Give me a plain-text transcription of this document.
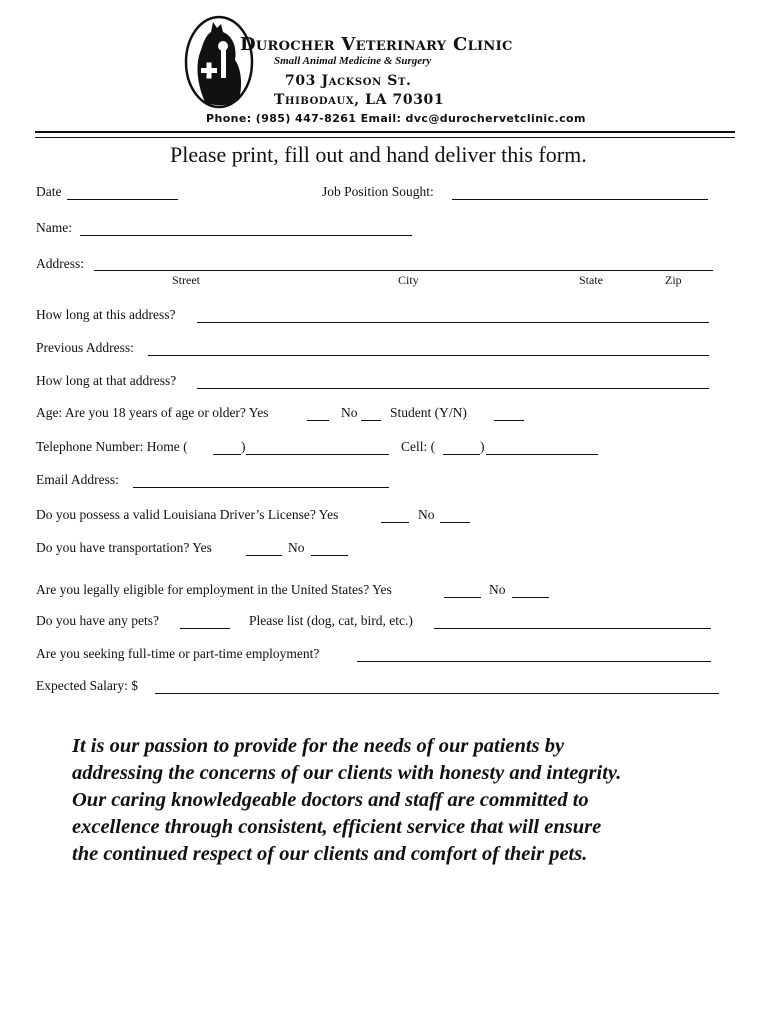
Durocher Veterinary Clinic
Small Animal Medicine & Surgery
703 Jackson St.
Thibodaux, LA 70301
Phone: (985) 447-8261 Email: dvc@durochervetclinic.com
Please print, fill out and hand deliver this form.
Date	Job Position Sought:
Name:
Address:
Street	City	State	Zip
How long at this address?
Previous Address:
How long at that address?
Age: Are you 18 years of age or older? Yes	No Student (Y/N)
Telephone Number: Home (	)	Cell: (	)
Email Address:
Do you possess a valid Louisiana Driver’s License? Yes	No
Do you have transportation? Yes	No
Are you legally eligible for employment in the United States? Yes	No
Do you have any pets?	Please list (dog, cat, bird, etc.)
Are you seeking full-time or part-time employment?
Expected Salary: $
It is our passion to provide for the needs of our patients by
addressing the concerns of our clients with honesty and integrity.
Our caring knowledgeable doctors and staff are committed to
excellence through consistent, efficient service that will ensure
the continued respect of our clients and comfort of their pets.
